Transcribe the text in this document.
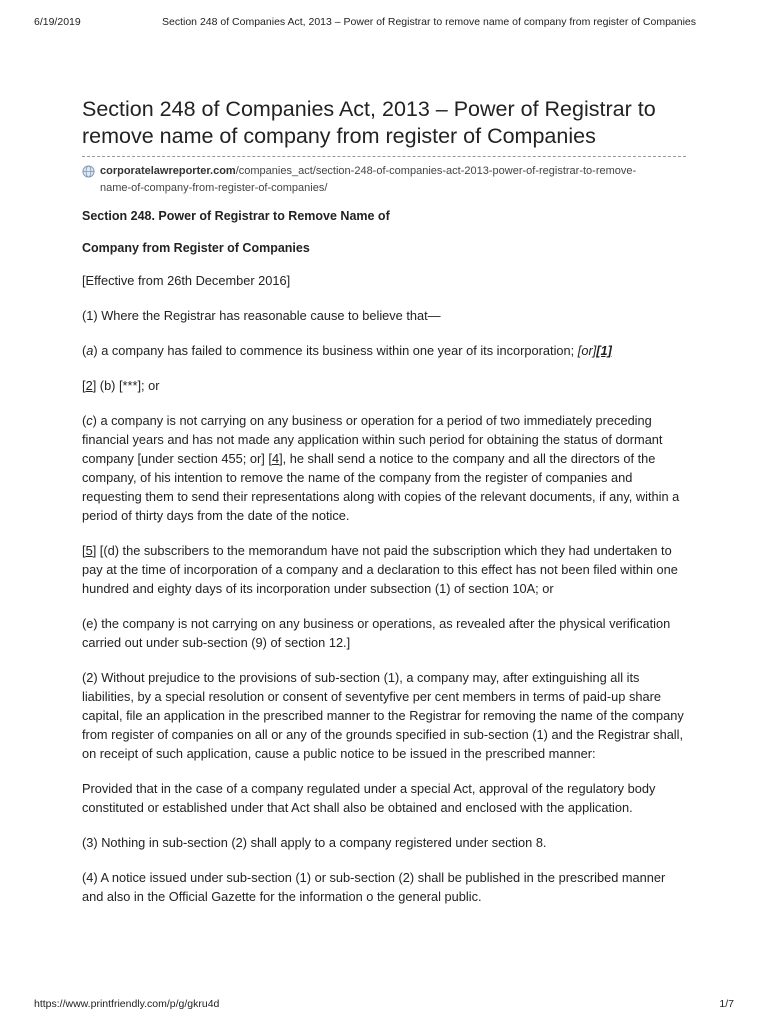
6/19/2019	Section 248 of Companies Act, 2013 – Power of Registrar to remove name of company from register of Companies
Section 248 of Companies Act, 2013 – Power of Registrar to
remove name of company from register of Companies
corporatelawreporter.com/companies_act/section-248-of-companies-act-2013-power-of-registrar-to-remove-
name-of-company-from-register-of-companies/

Section 248. Power of Registrar to Remove Name of

Company from Register of Companies

[Effective from 26th December 2016]

(1) Where the Registrar has reasonable cause to believe that—

(a) a company has failed to commence its business within one year of its incorporation; [or][1]

[2] (b) [***]; or

(c) a company is not carrying on any business or operation for a period of two immediately preceding financial years and has not made any application within such period for obtaining the status of dormant company [under section 455; or] [4], he shall send a notice to the company and all the directors of the company, of his intention to remove the name of the company from the register of companies and requesting them to send their representations along with copies of the relevant documents, if any, within a period of thirty days from the date of the notice.

[5] [(d) the subscribers to the memorandum have not paid the subscription which they had undertaken to pay at the time of incorporation of a company and a declaration to this effect has not been filed within one hundred and eighty days of its incorporation under subsection (1) of section 10A; or

(e) the company is not carrying on any business or operations, as revealed after the physical verification carried out under sub-section (9) of section 12.]

(2) Without prejudice to the provisions of sub-section (1), a company may, after extinguishing all its liabilities, by a special resolution or consent of seventyfive per cent members in terms of paid-up share capital, file an application in the prescribed manner to the Registrar for removing the name of the company from register of companies on all or any of the grounds specified in sub-section (1) and the Registrar shall, on receipt of such application, cause a public notice to be issued in the prescribed manner:

Provided that in the case of a company regulated under a special Act, approval of the regulatory body constituted or established under that Act shall also be obtained and enclosed with the application.

(3) Nothing in sub-section (2) shall apply to a company registered under section 8.

(4) A notice issued under sub-section (1) or sub-section (2) shall be published in the prescribed manner and also in the Official Gazette for the information o the general public.

https://www.printfriendly.com/p/g/gkru4d	1/7
